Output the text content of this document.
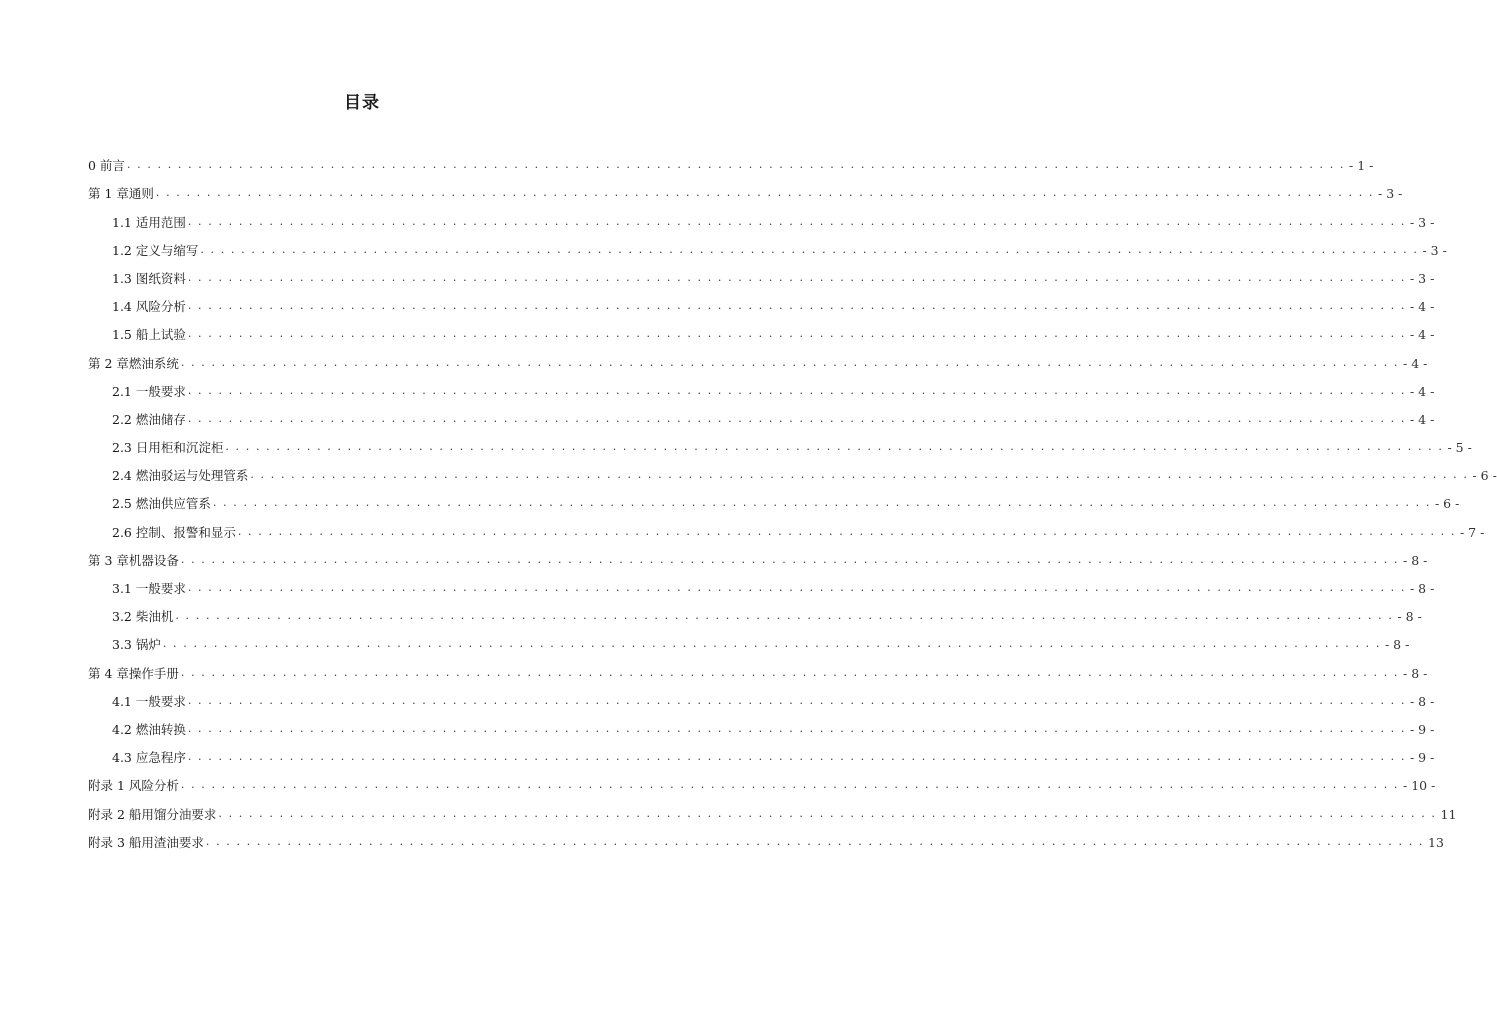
目录
0 前言 . . . . . . . . . . . . . . . . . . . . . . . . . . . . . . . . . . . . . . . . . . . . . . . . . . . . . . . . . . . . . . . . . . . . . . . . . . . . . . . . . . . . . . . . . . . . . . . . . . . . . . . . . . . . . . . . . . . . . . . . - 1 -
第 1 章通则 . . . . . . . . . . . . . . . . . . . . . . . . . . . . . . . . . . . . . . . . . . . . . . . . . . . . . . . . . . . . . . . . . . . . . . . . . . . . . . . . . . . . . . . . . . . . . . . . . . . . . . . . . . . . . . . . . . . . . . . . - 3 -
1.1 适用范围 . . . . . . . . . . . . . . . . . . . . . . . . . . . . . . . . . . . . . . . . . . . . . . . . . . . . . . . . . . . . . . . . . . . . . . . . . . . . . . . . . . . . . . . . . . . . . . . . . . . . . . . . . . . . . . . . . . . . . . . . - 3 -
1.2 定义与缩写 . . . . . . . . . . . . . . . . . . . . . . . . . . . . . . . . . . . . . . . . . . . . . . . . . . . . . . . . . . . . . . . . . . . . . . . . . . . . . . . . . . . . . . . . . . . . . . . . . . . . . . . . . . . . . . . . . . . . . . . . - 3 -
1.3 图纸资料 . . . . . . . . . . . . . . . . . . . . . . . . . . . . . . . . . . . . . . . . . . . . . . . . . . . . . . . . . . . . . . . . . . . . . . . . . . . . . . . . . . . . . . . . . . . . . . . . . . . . . . . . . . . . . . . . . . . . . . . . - 3 -
1.4 风险分析 . . . . . . . . . . . . . . . . . . . . . . . . . . . . . . . . . . . . . . . . . . . . . . . . . . . . . . . . . . . . . . . . . . . . . . . . . . . . . . . . . . . . . . . . . . . . . . . . . . . . . . . . . . . . . . . . . . . . . . . . - 4 -
1.5 船上试验 . . . . . . . . . . . . . . . . . . . . . . . . . . . . . . . . . . . . . . . . . . . . . . . . . . . . . . . . . . . . . . . . . . . . . . . . . . . . . . . . . . . . . . . . . . . . . . . . . . . . . . . . . . . . . . . . . . . . . . . . - 4 -
第 2 章燃油系统 . . . . . . . . . . . . . . . . . . . . . . . . . . . . . . . . . . . . . . . . . . . . . . . . . . . . . . . . . . . . . . . . . . . . . . . . . . . . . . . . . . . . . . . . . . . . . . . . . . . . . . . . . . . . . . . . . . . . . . . . - 4 -
2.1 一般要求 . . . . . . . . . . . . . . . . . . . . . . . . . . . . . . . . . . . . . . . . . . . . . . . . . . . . . . . . . . . . . . . . . . . . . . . . . . . . . . . . . . . . . . . . . . . . . . . . . . . . . . . . . . . . . . . . . . . . . . . . - 4 -
2.2 燃油储存 . . . . . . . . . . . . . . . . . . . . . . . . . . . . . . . . . . . . . . . . . . . . . . . . . . . . . . . . . . . . . . . . . . . . . . . . . . . . . . . . . . . . . . . . . . . . . . . . . . . . . . . . . . . . . . . . . . . . . . . . - 4 -
2.3 日用柜和沉淀柜 . . . . . . . . . . . . . . . . . . . . . . . . . . . . . . . . . . . . . . . . . . . . . . . . . . . . . . . . . . . . . . . . . . . . . . . . . . . . . . . . . . . . . . . . . . . . . . . . . . . . . . . . . . . . . . . . . . . . . . . . - 5 -
2.4 燃油驳运与处理管系 . . . . . . . . . . . . . . . . . . . . . . . . . . . . . . . . . . . . . . . . . . . . . . . . . . . . . . . . . . . . . . . . . . . . . . . . . . . . . . . . . . . . . . . . . . . . . . . . . . . . . . . . . . . . . . . . . . . . . . . . - 6 -
2.5 燃油供应管系 . . . . . . . . . . . . . . . . . . . . . . . . . . . . . . . . . . . . . . . . . . . . . . . . . . . . . . . . . . . . . . . . . . . . . . . . . . . . . . . . . . . . . . . . . . . . . . . . . . . . . . . . . . . . . . . . . . . . . . . . - 6 -
2.6 控制、报警和显示 . . . . . . . . . . . . . . . . . . . . . . . . . . . . . . . . . . . . . . . . . . . . . . . . . . . . . . . . . . . . . . . . . . . . . . . . . . . . . . . . . . . . . . . . . . . . . . . . . . . . . . . . . . . . . . . . . . . . . . . . - 7 -
第 3 章机器设备 . . . . . . . . . . . . . . . . . . . . . . . . . . . . . . . . . . . . . . . . . . . . . . . . . . . . . . . . . . . . . . . . . . . . . . . . . . . . . . . . . . . . . . . . . . . . . . . . . . . . . . . . . . . . . . . . . . . . . . . . - 8 -
3.1 一般要求 . . . . . . . . . . . . . . . . . . . . . . . . . . . . . . . . . . . . . . . . . . . . . . . . . . . . . . . . . . . . . . . . . . . . . . . . . . . . . . . . . . . . . . . . . . . . . . . . . . . . . . . . . . . . . . . . . . . . . . . . - 8 -
3.2 柴油机 . . . . . . . . . . . . . . . . . . . . . . . . . . . . . . . . . . . . . . . . . . . . . . . . . . . . . . . . . . . . . . . . . . . . . . . . . . . . . . . . . . . . . . . . . . . . . . . . . . . . . . . . . . . . . . . . . . . . . . . . - 8 -
3.3 锅炉 . . . . . . . . . . . . . . . . . . . . . . . . . . . . . . . . . . . . . . . . . . . . . . . . . . . . . . . . . . . . . . . . . . . . . . . . . . . . . . . . . . . . . . . . . . . . . . . . . . . . . . . . . . . . . . . . . . . . . . . . - 8 -
第 4 章操作手册 . . . . . . . . . . . . . . . . . . . . . . . . . . . . . . . . . . . . . . . . . . . . . . . . . . . . . . . . . . . . . . . . . . . . . . . . . . . . . . . . . . . . . . . . . . . . . . . . . . . . . . . . . . . . . . . . . . . . . . . . - 8 -
4.1 一般要求 . . . . . . . . . . . . . . . . . . . . . . . . . . . . . . . . . . . . . . . . . . . . . . . . . . . . . . . . . . . . . . . . . . . . . . . . . . . . . . . . . . . . . . . . . . . . . . . . . . . . . . . . . . . . . . . . . . . . . . . . - 8 -
4.2 燃油转换 . . . . . . . . . . . . . . . . . . . . . . . . . . . . . . . . . . . . . . . . . . . . . . . . . . . . . . . . . . . . . . . . . . . . . . . . . . . . . . . . . . . . . . . . . . . . . . . . . . . . . . . . . . . . . . . . . . . . . . . . - 9 -
4.3 应急程序 . . . . . . . . . . . . . . . . . . . . . . . . . . . . . . . . . . . . . . . . . . . . . . . . . . . . . . . . . . . . . . . . . . . . . . . . . . . . . . . . . . . . . . . . . . . . . . . . . . . . . . . . . . . . . . . . . . . . . . . . - 9 -
附录 1 风险分析 . . . . . . . . . . . . . . . . . . . . . . . . . . . . . . . . . . . . . . . . . . . . . . . . . . . . . . . . . . . . . . . . . . . . . . . . . . . . . . . . . . . . . . . . . . . . . . . . . . . . . . . . . . . . . . . . . . . . . . . . - 10 -
附录 2 船用馏分油要求 . . . . . . . . . . . . . . . . . . . . . . . . . . . . . . . . . . . . . . . . . . . . . . . . . . . . . . . . . . . . . . . . . . . . . . . . . . . . . . . . . . . . . . . . . . . . . . . . . . . . . . . . . . . . . . . . . . . . . . . . 11
附录 3 船用渣油要求 . . . . . . . . . . . . . . . . . . . . . . . . . . . . . . . . . . . . . . . . . . . . . . . . . . . . . . . . . . . . . . . . . . . . . . . . . . . . . . . . . . . . . . . . . . . . . . . . . . . . . . . . . . . . . . . . . . . . . . . . 13
